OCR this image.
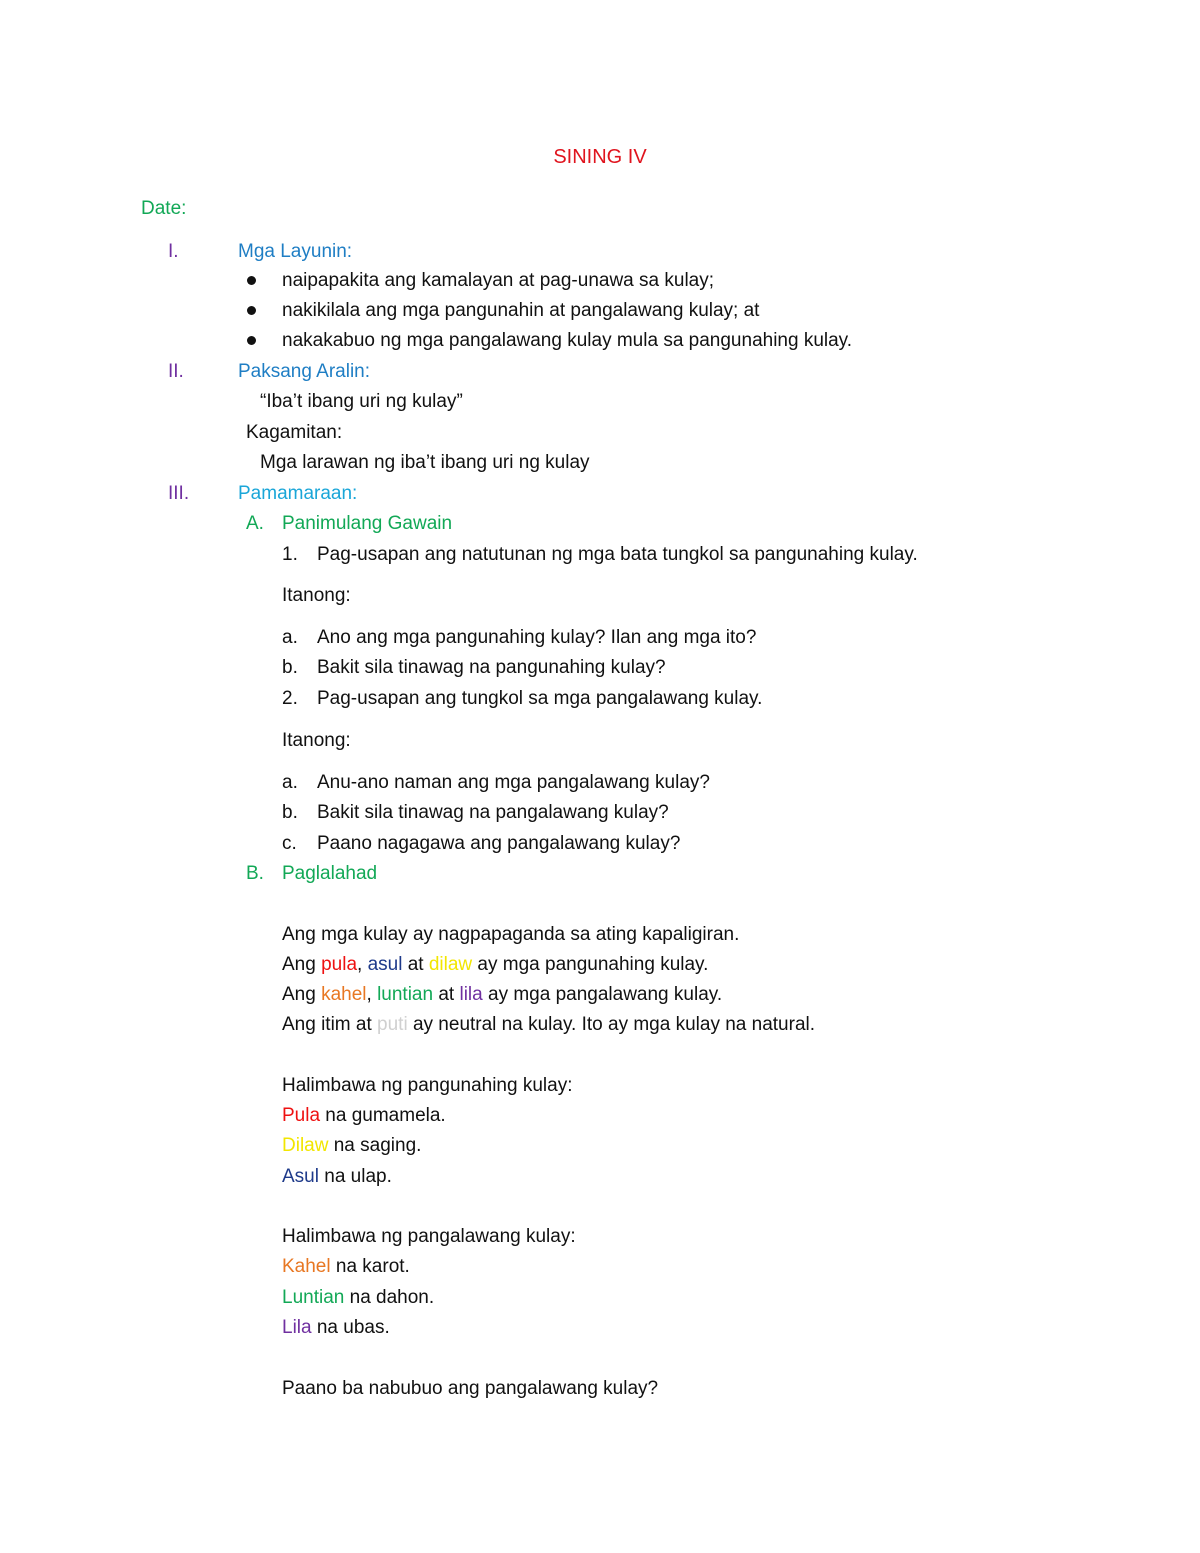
SINING IV
Date:
I.	Mga Layunin:
naipapakita ang kamalayan at pag-unawa sa kulay;
nakikilala ang mga pangunahin at pangalawang kulay; at
nakakabuo ng mga pangalawang kulay mula sa pangunahing kulay.
II.	Paksang Aralin:
“Iba’t ibang uri ng kulay”
Kagamitan:
Mga larawan ng iba’t ibang uri ng kulay
III.	Pamamaraan:
A. Panimulang Gawain
1. Pag-usapan ang natutunan ng mga bata tungkol sa pangunahing kulay.
Itanong:
a. Ano ang mga pangunahing kulay? Ilan ang mga ito?
b. Bakit sila tinawag na pangunahing kulay?
2. Pag-usapan ang tungkol sa mga pangalawang kulay.
Itanong:
a. Anu-ano naman ang mga pangalawang kulay?
b. Bakit sila tinawag na pangalawang kulay?
c. Paano nagagawa ang pangalawang kulay?
B. Paglalahad
Ang mga kulay ay nagpapaganda sa ating kapaligiran.
Ang pula, asul at dilaw ay mga pangunahing kulay.
Ang kahel, luntian at lila ay mga pangalawang kulay.
Ang itim at puti ay neutral na kulay. Ito ay mga kulay na natural.
Halimbawa ng pangunahing kulay:
Pula na gumamela.
Dilaw na saging.
Asul na ulap.
Halimbawa ng pangalawang kulay:
Kahel na karot.
Luntian na dahon.
Lila na ubas.
Paano ba nabubuo ang pangalawang kulay?
